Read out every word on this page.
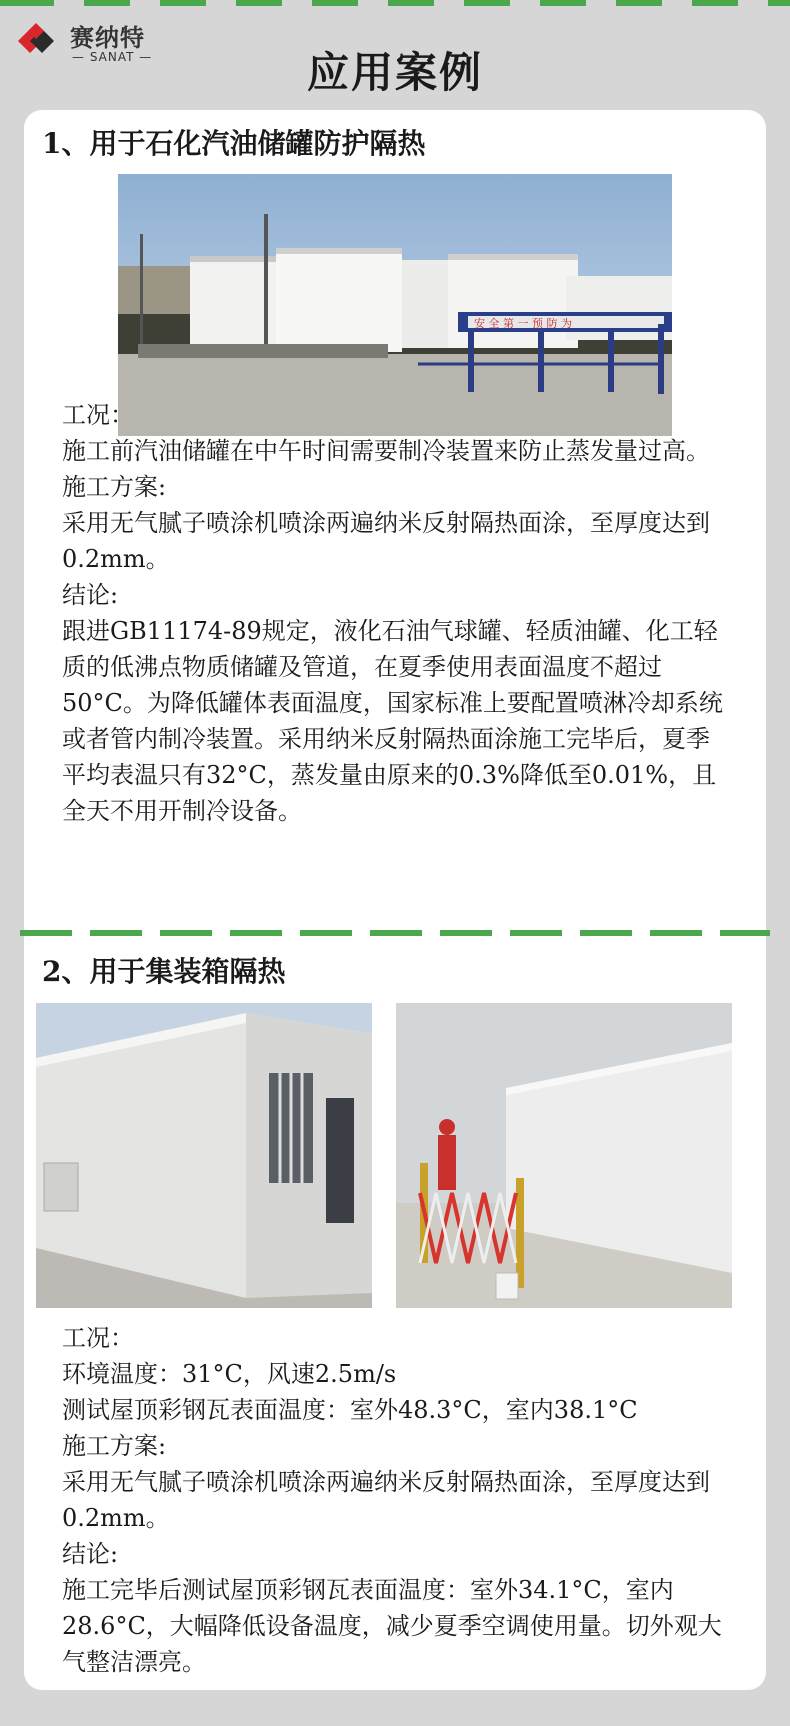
赛纳特
— SANAT —	应用案例
1、用于石化汽油储罐防护隔热
安 全 第 一 预 防 为
工况：
施工前汽油储罐在中午时间需要制冷装置来防止蒸发量过高。
施工方案:
采用无气腻子喷涂机喷涂两遍纳米反射隔热面涂，至厚度达到0.2mm。
结论:
跟进GB11174-89规定，液化石油气球罐、轻质油罐、化工轻质的低沸点物质储罐及管道，在夏季使用表面温度不超过50°C。为降低罐体表面温度，国家标准上要配置喷淋冷却系统或者管内制冷装置。采用纳米反射隔热面涂施工完毕后，夏季平均表温只有32°C，蒸发量由原来的0.3%降低至0.01%，且全天不用开制冷设备。
2、用于集装箱隔热
工况：
环境温度：31°C，风速2.5m/s
测试屋顶彩钢瓦表面温度：室外48.3°C，室内38.1°C
施工方案:
采用无气腻子喷涂机喷涂两遍纳米反射隔热面涂，至厚度达到0.2mm。
结论:
施工完毕后测试屋顶彩钢瓦表面温度：室外34.1°C，室内28.6°C，大幅降低设备温度，减少夏季空调使用量。切外观大气整洁漂亮。
